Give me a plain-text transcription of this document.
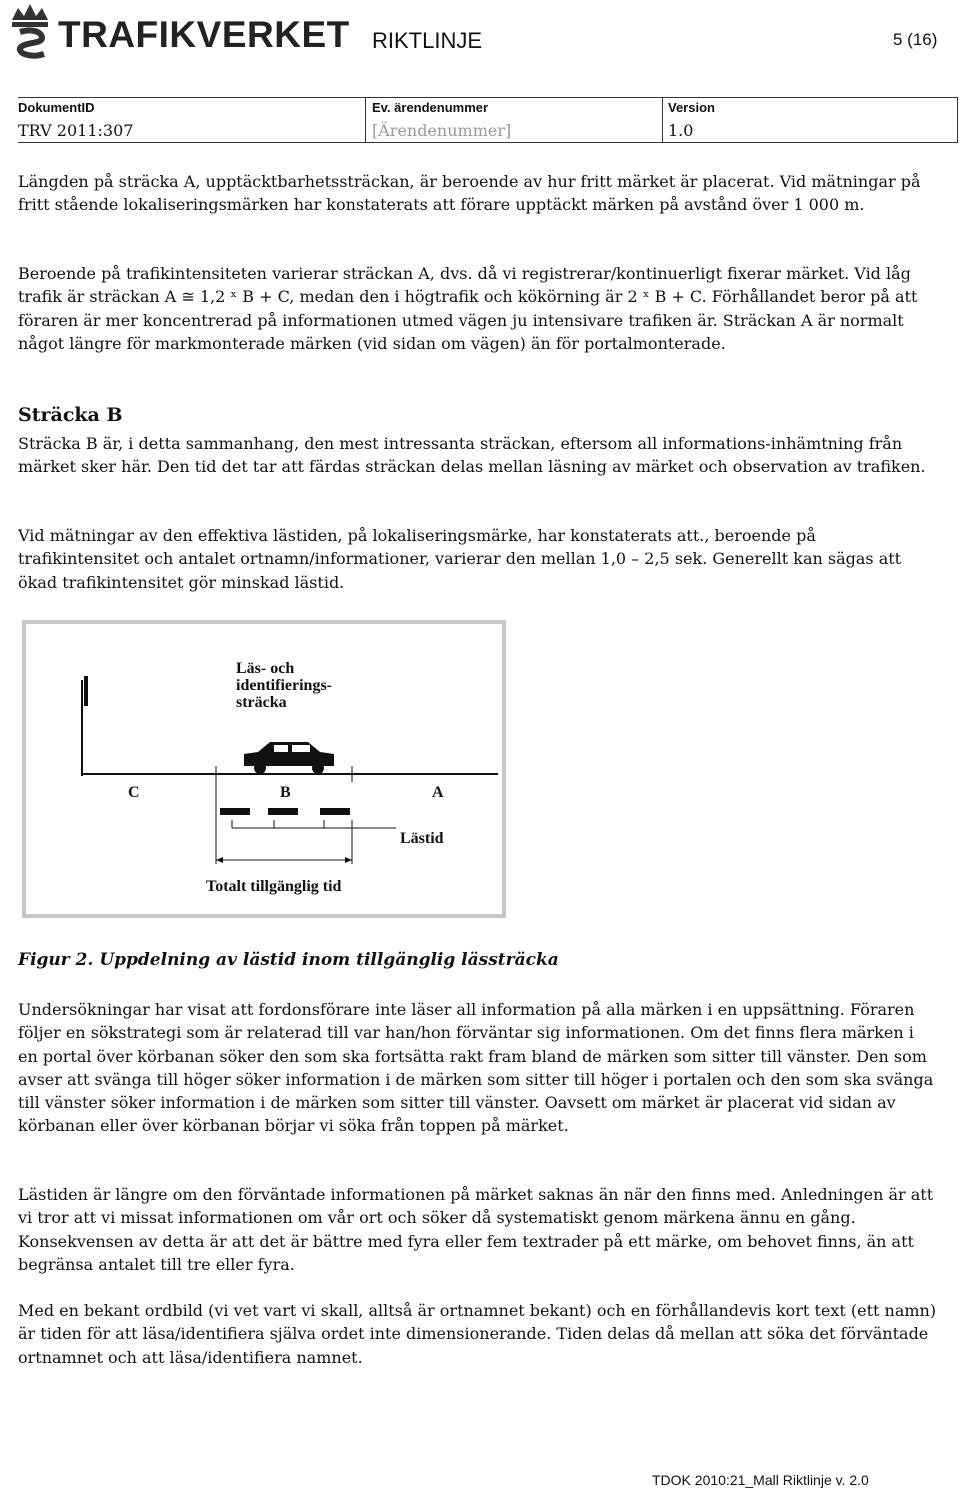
TRAFIKVERKET RIKTLINJE	5 (16)
DokumentID
TRV 2011:307
Ev. ärendenummer
[Ärendenummer]
Version
1.0

Längden på sträcka A, upptäcktbarhetssträckan, är beroende av hur fritt märket är placerat. Vid mätningar på fritt stående lokaliseringsmärken har konstaterats att förare upptäckt märken på avstånd över 1 000 m.

Beroende på trafikintensiteten varierar sträckan A, dvs. då vi registrerar/kontinuerligt fixerar märket. Vid låg trafik är sträckan A ≅ 1,2 ˣ B + C, medan den i högtrafik och kökörning är 2 ˣ B + C. Förhållandet beror på att föraren är mer koncentrerad på informationen utmed vägen ju intensivare trafiken är. Sträckan A är normalt något längre för markmonterade märken (vid sidan om vägen) än för portalmonterade.

Sträcka B

Sträcka B är, i detta sammanhang, den mest intressanta sträckan, eftersom all informations-inhämtning från märket sker här. Den tid det tar att färdas sträckan delas mellan läsning av märket och observation av trafiken.

Vid mätningar av den effektiva lästiden, på lokaliseringsmärke, har konstaterats att., beroende på trafikintensitet och antalet ortnamn/informationer, varierar den mellan 1,0 – 2,5 sek. Generellt kan sägas att ökad trafikintensitet gör minskad lästid.

Läs- och
identifierings-
sträcka
C	B	A
Lästid
Totalt tillgänglig tid
Figur 2. Uppdelning av lästid inom tillgänglig lässträcka

Undersökningar har visat att fordonsförare inte läser all information på alla märken i en uppsättning. Föraren följer en sökstrategi som är relaterad till var han/hon förväntar sig informationen. Om det finns flera märken i en portal över körbanan söker den som ska fortsätta rakt fram bland de märken som sitter till vänster. Den som avser att svänga till höger söker information i de märken som sitter till höger i portalen och den som ska svänga till vänster söker information i de märken som sitter till vänster. Oavsett om märket är placerat vid sidan av körbanan eller över körbanan börjar vi söka från toppen på märket.

Lästiden är längre om den förväntade informationen på märket saknas än när den finns med. Anledningen är att vi tror att vi missat informationen om vår ort och söker då systematiskt genom märkena ännu en gång. Konsekvensen av detta är att det är bättre med fyra eller fem textrader på ett märke, om behovet finns, än att begränsa antalet till tre eller fyra.

Med en bekant ordbild (vi vet vart vi skall, alltså är ortnamnet bekant) och en förhållandevis kort text (ett namn) är tiden för att läsa/identifiera själva ordet inte dimensionerande. Tiden delas då mellan att söka det förväntade ortnamnet och att läsa/identifiera namnet.

TDOK 2010:21_Mall Riktlinje v. 2.0
